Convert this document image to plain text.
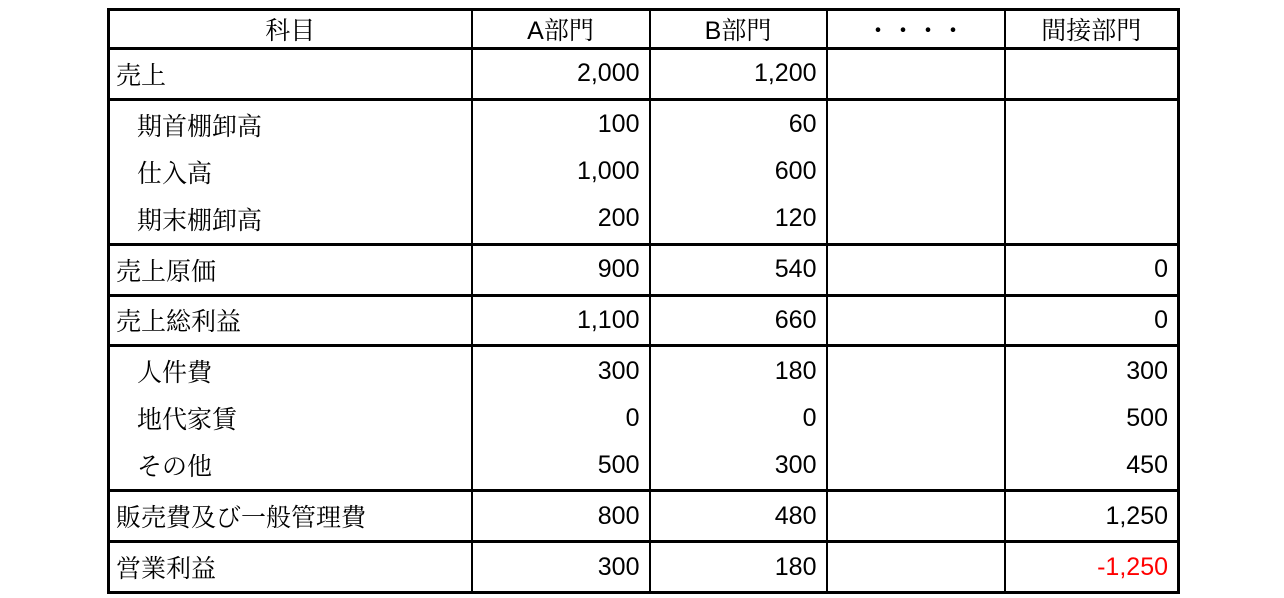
科目	A部門	B部門	・・・・	間接部門
売上	2,000	1,200		
期首棚卸高	100	60		
仕入高	1,000	600		
期末棚卸高	200	120		
売上原価	900	540		0
売上総利益	1,100	660		0
人件費	300	180		300
地代家賃	0	0		500
その他	500	300		450
販売費及び一般管理費	800	480		1,250
営業利益	300	180		-1,250
